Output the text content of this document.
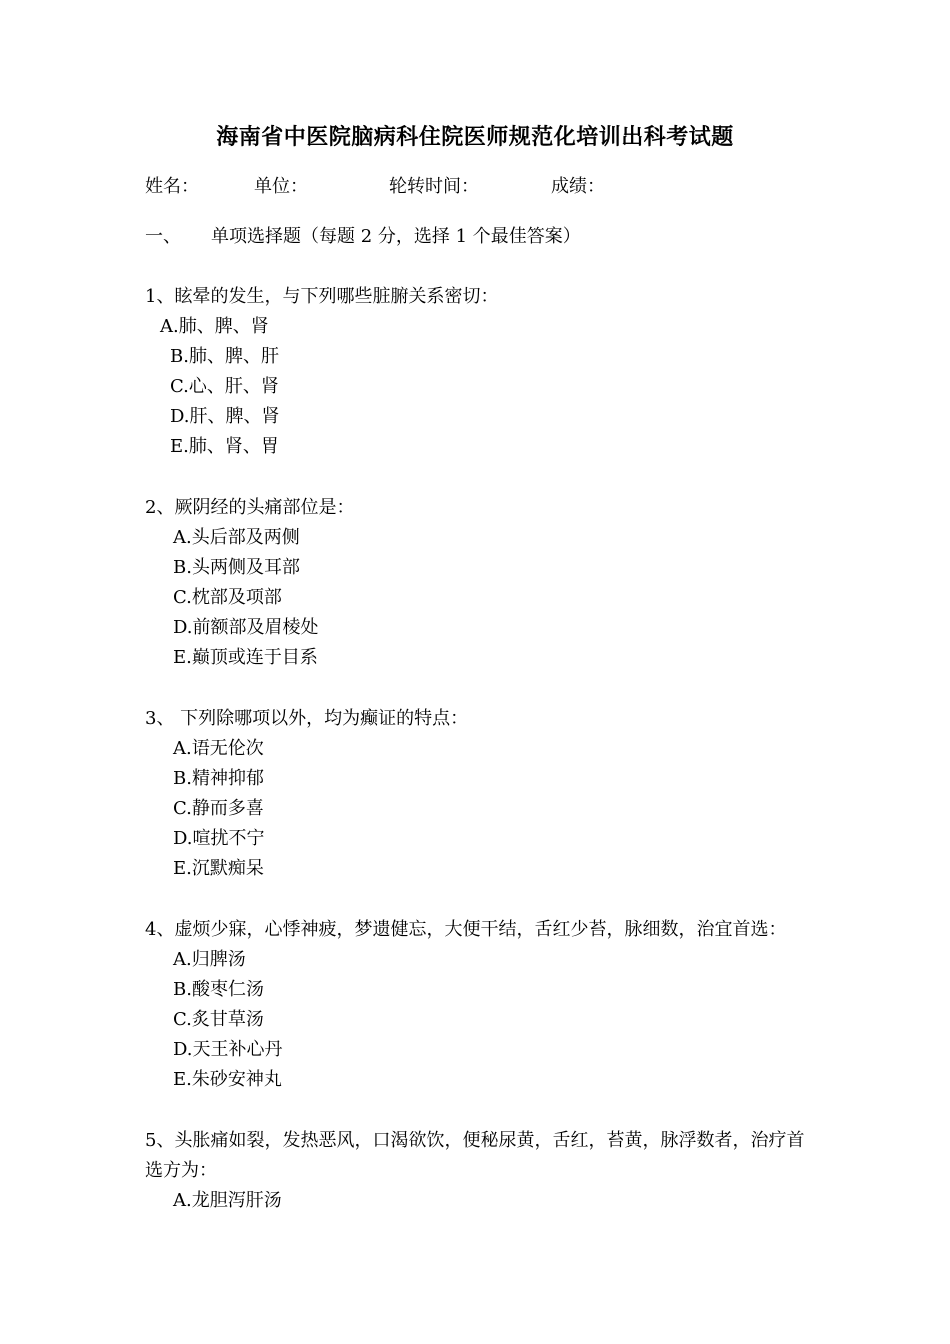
海南省中医院脑病科住院医师规范化培训出科考试题
姓名：	单位：	轮转时间：	成绩：
一、 单项选择题（每题 2 分，选择 1 个最佳答案）
1、眩晕的发生，与下列哪些脏腑关系密切：
A.肺、脾、肾
B.肺、脾、肝
C.心、肝、肾
D.肝、脾、肾
E.肺、肾、胃
2、厥阴经的头痛部位是：
A.头后部及两侧
B.头两侧及耳部
C.枕部及项部
D.前额部及眉棱处
E.巅顶或连于目系
3、 下列除哪项以外，均为癫证的特点：
A.语无伦次
B.精神抑郁
C.静而多喜
D.喧扰不宁
E.沉默痴呆
4、虚烦少寐，心悸神疲，梦遗健忘，大便干结，舌红少苔，脉细数，治宜首选：
A.归脾汤
B.酸枣仁汤
C.炙甘草汤
D.天王补心丹
E.朱砂安神丸
5、头胀痛如裂，发热恶风，口渴欲饮，便秘尿黄，舌红，苔黄，脉浮数者，治疗首选方为：
A.龙胆泻肝汤
